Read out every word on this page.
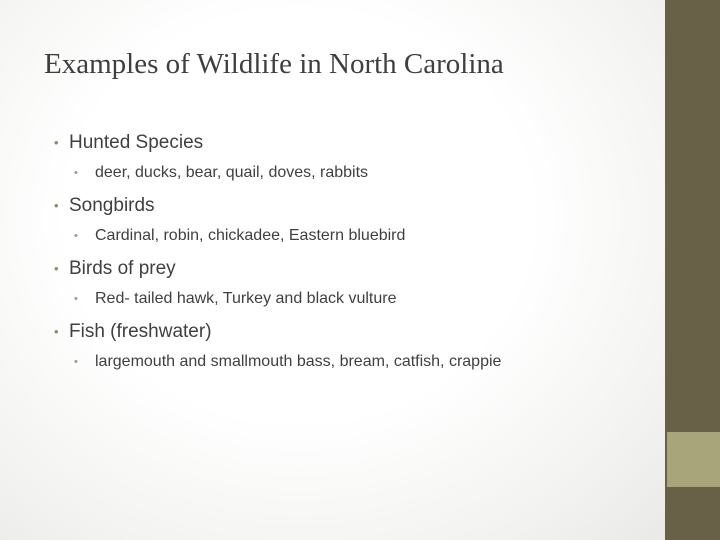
Examples of Wildlife in North Carolina
• Hunted Species
• deer, ducks, bear, quail, doves, rabbits
• Songbirds
• Cardinal, robin, chickadee, Eastern bluebird
• Birds of prey
• Red- tailed hawk, Turkey and black vulture
• Fish (freshwater)
• largemouth and smallmouth bass, bream, catfish, crappie
